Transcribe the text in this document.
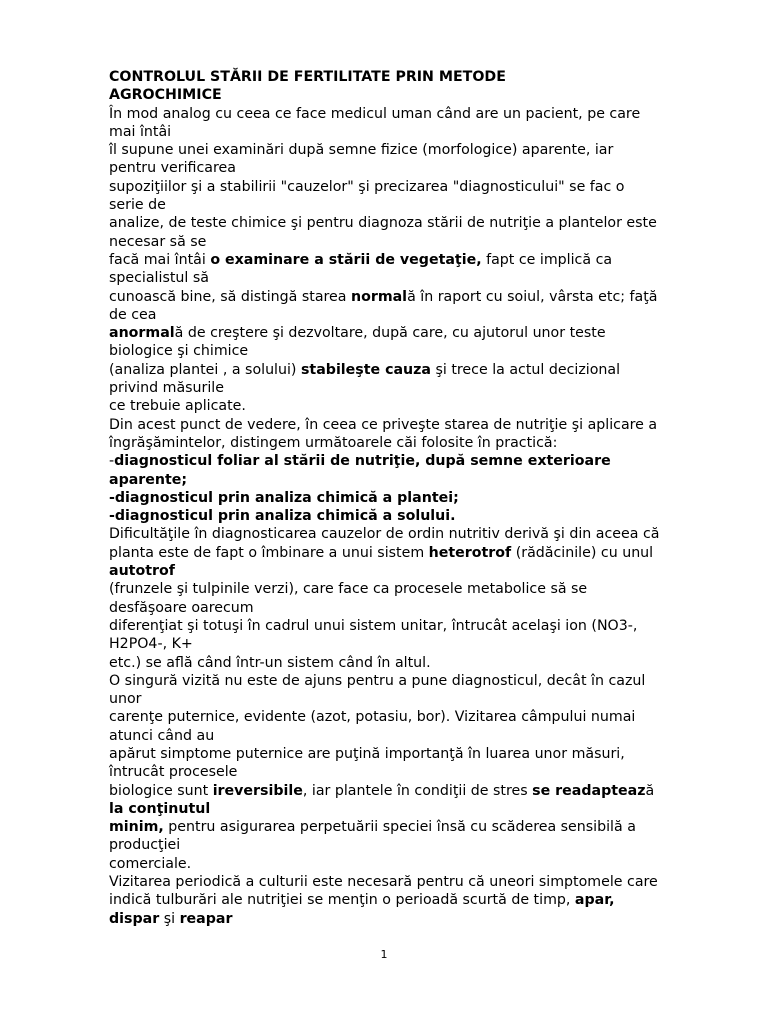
CONTROLUL STĂRII DE FERTILITATE PRIN METODE
AGROCHIMICE
În mod analog cu ceea ce face medicul uman când are un pacient, pe care
mai întâi
îl supune unei examinări după semne fizice (morfologice) aparente, iar
pentru verificarea
supoziţiilor şi a stabilirii "cauzelor" şi precizarea "diagnosticului" se fac o
serie de
analize, de teste chimice şi pentru diagnoza stării de nutriţie a plantelor este
necesar să se
facă mai întâi o examinare a stării de vegetaţie, fapt ce implică ca
specialistul să
cunoască bine, să distingă starea normală în raport cu soiul, vârsta etc; faţă
de cea
anormală de creştere şi dezvoltare, după care, cu ajutorul unor teste
biologice şi chimice
(analiza plantei , a solului) stabileşte cauza şi trece la actul decizional
privind măsurile
ce trebuie aplicate.
Din acest punct de vedere, în ceea ce priveşte starea de nutriţie şi aplicare a
îngrăşămintelor, distingem următoarele căi folosite în practică:
-diagnosticul foliar al stării de nutriţie, după semne exterioare
aparente;
-diagnosticul prin analiza chimică a plantei;
-diagnosticul prin analiza chimică a solului.
Dificultăţile în diagnosticarea cauzelor de ordin nutritiv derivă şi din aceea că
planta este de fapt o îmbinare a unui sistem heterotrof (rădăcinile) cu unul
autotrof
(frunzele şi tulpinile verzi), care face ca procesele metabolice să se
desfăşoare oarecum
diferenţiat şi totuşi în cadrul unui sistem unitar, întrucât acelaşi ion (NO3-,
H2PO4-, K+
etc.) se află când într-un sistem când în altul.
O singură vizită nu este de ajuns pentru a pune diagnosticul, decât în cazul
unor
carenţe puternice, evidente (azot, potasiu, bor). Vizitarea câmpului numai
atunci când au
apărut simptome puternice are puţină importanţă în luarea unor măsuri,
întrucât procesele
biologice sunt ireversibile, iar plantele în condiţii de stres se readaptează
la conţinutul
minim, pentru asigurarea perpetuării speciei însă cu scăderea sensibilă a
producţiei
comerciale.
Vizitarea periodică a culturii este necesară pentru că uneori simptomele care
indică tulburări ale nutriţiei se menţin o perioadă scurtă de timp, apar,
dispar şi reapar
1
